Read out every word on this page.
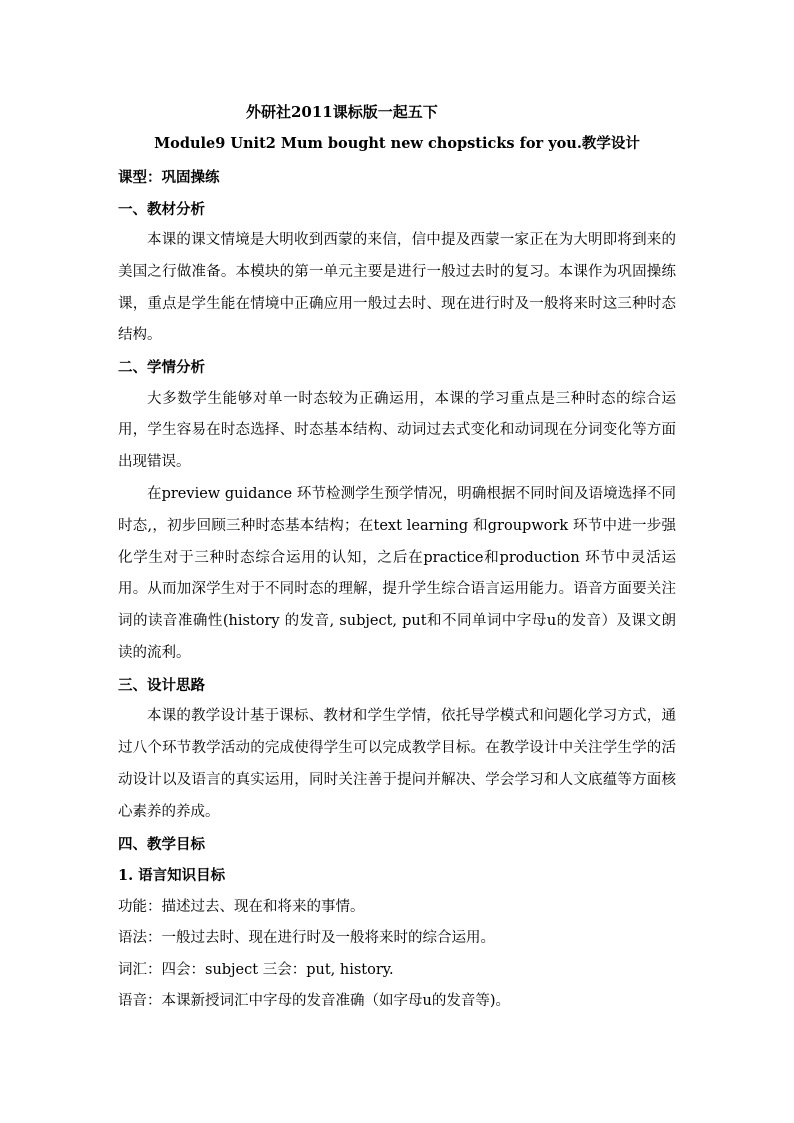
外研社2011课标版一起五下
Module9 Unit2 Mum bought new chopsticks for you.教学设计
课型：巩固操练
一、教材分析

本课的课文情境是大明收到西蒙的来信，信中提及西蒙一家正在为大明即将到来的美国之行做准备。本模块的第一单元主要是进行一般过去时的复习。本课作为巩固操练课，重点是学生能在情境中正确应用一般过去时、现在进行时及一般将来时这三种时态结构。

二、学情分析

大多数学生能够对单一时态较为正确运用，本课的学习重点是三种时态的综合运用，学生容易在时态选择、时态基本结构、动词过去式变化和动词现在分词变化等方面出现错误。

在preview guidance 环节检测学生预学情况，明确根据不同时间及语境选择不同时态,，初步回顾三种时态基本结构；在text learning 和groupwork 环节中进一步强化学生对于三种时态综合运用的认知，之后在practice和production 环节中灵活运用。从而加深学生对于不同时态的理解，提升学生综合语言运用能力。语音方面要关注词的读音准确性(history 的发音, subject, put和不同单词中字母u的发音）及课文朗读的流利。

三、设计思路

本课的教学设计基于课标、教材和学生学情，依托导学模式和问题化学习方式，通过八个环节教学活动的完成使得学生可以完成教学目标。在教学设计中关注学生学的活动设计以及语言的真实运用，同时关注善于提问并解决、学会学习和人文底蕴等方面核心素养的养成。

四、教学目标
1. 语言知识目标
功能：描述过去、现在和将来的事情。
语法：一般过去时、现在进行时及一般将来时的综合运用。
词汇：四会：subject 三会：put, history.
语音：本课新授词汇中字母的发音准确（如字母u的发音等)。
